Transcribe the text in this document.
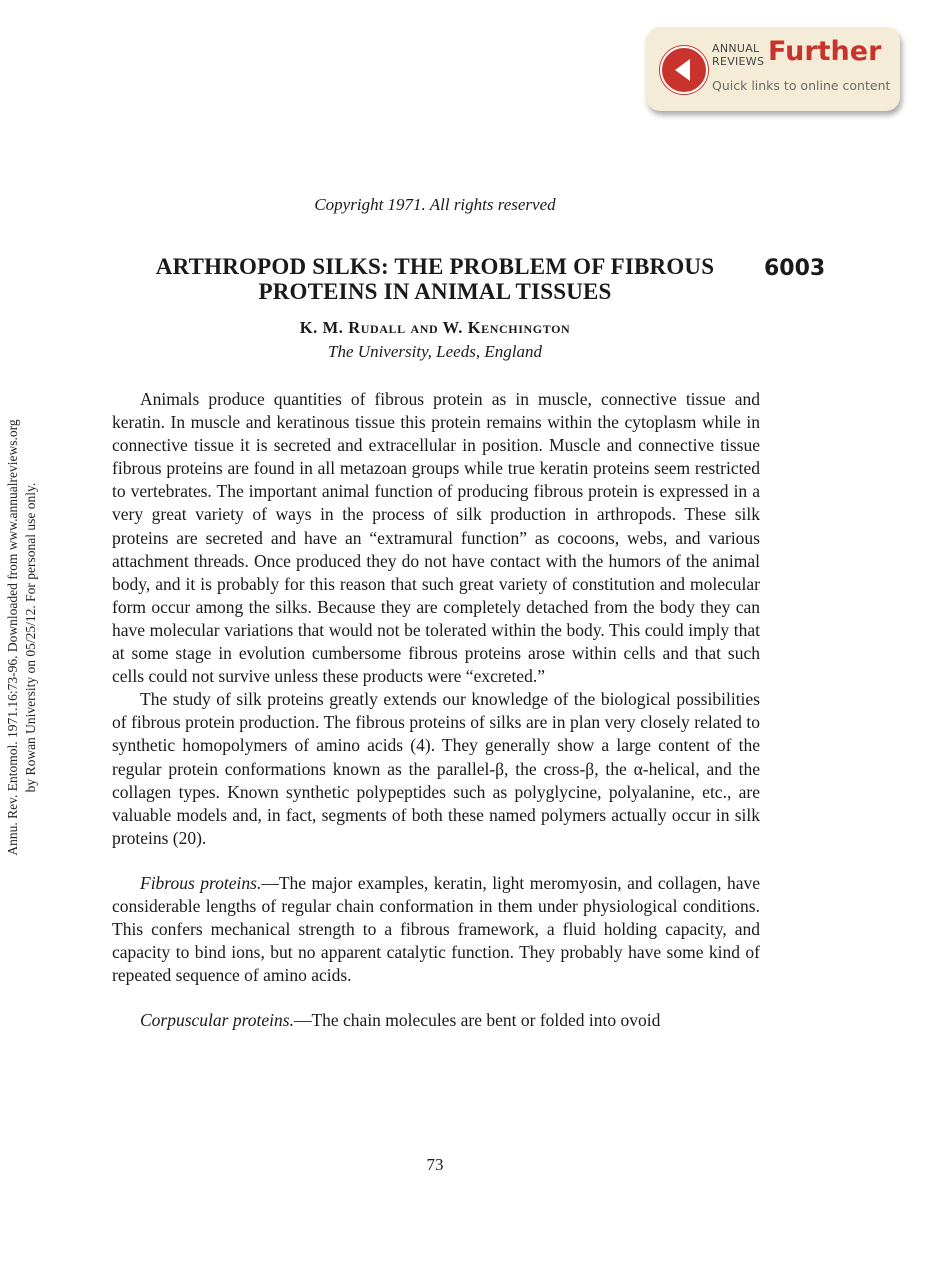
Annu. Rev. Entomol. 1971.16:73-96. Downloaded from www.annualreviews.org by Rowan University on 05/25/12. For personal use only.
ANNUAL
REVIEWS Further
Quick links to online content
Copyright 1971. All rights reserved
ARTHROPOD SILKS: THE PROBLEM OF FIBROUS
PROTEINS IN ANIMAL TISSUES
6003
K. M. Rudall and W. Kenchington
The University, Leeds, England

Animals produce quantities of fibrous protein as in muscle, connective tissue and keratin. In muscle and keratinous tissue this protein remains within the cytoplasm while in connective tissue it is secreted and extracellular in position. Muscle and connective tissue fibrous proteins are found in all metazoan groups while true keratin proteins seem restricted to vertebrates. The important animal function of producing fibrous protein is expressed in a very great variety of ways in the process of silk production in arthropods. These silk proteins are secreted and have an “extramural function” as cocoons, webs, and various attachment threads. Once produced they do not have contact with the humors of the animal body, and it is probably for this reason that such great variety of constitution and molecular form occur among the silks. Because they are completely detached from the body they can have molecular variations that would not be tolerated within the body. This could imply that at some stage in evolution cumbersome fibrous proteins arose within cells and that such cells could not survive unless these products were “excreted.”

The study of silk proteins greatly extends our knowledge of the biological possibilities of fibrous protein production. The fibrous proteins of silks are in plan very closely related to synthetic homopolymers of amino acids (4). They generally show a large content of the regular protein conformations known as the parallel-β, the cross-β, the α-helical, and the collagen types. Known synthetic polypeptides such as polyglycine, polyalanine, etc., are valuable models and, in fact, segments of both these named polymers actually occur in silk proteins (20).

Fibrous proteins.—The major examples, keratin, light meromyosin, and collagen, have considerable lengths of regular chain conformation in them under physiological conditions. This confers mechanical strength to a fibrous framework, a fluid holding capacity, and capacity to bind ions, but no apparent catalytic function. They probably have some kind of repeated sequence of amino acids.

Corpuscular proteins.—The chain molecules are bent or folded into ovoid

73
